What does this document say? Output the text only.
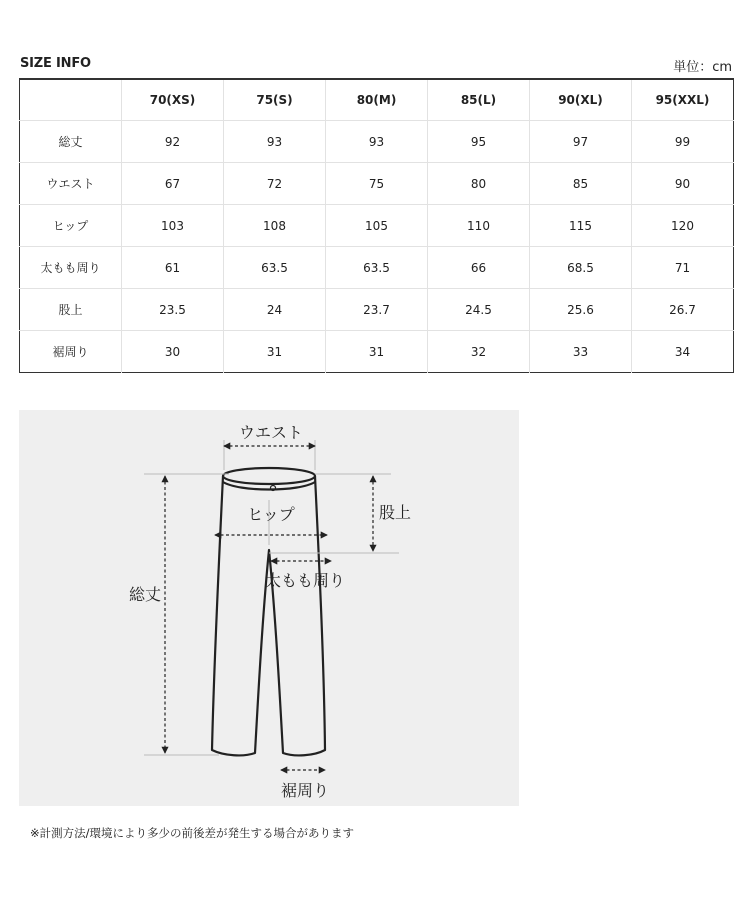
SIZE INFO	単位：cm
	70(XS)	75(S)	80(M)	85(L)	90(XL)	95(XXL)
総丈	92	93	93	95	97	99
ウエスト	67	72	75	80	85	90
ヒップ	103	108	105	110	115	120
太もも周り	61	63.5	63.5	66	68.5	71
股上	23.5	24	23.7	24.5	25.6	26.7
裾周り	30	31	31	32	33	34
ウエスト
ヒップ	股上
総丈
太もも周り
裾周り
※計測方法/環境により多少の前後差が発生する場合があります
